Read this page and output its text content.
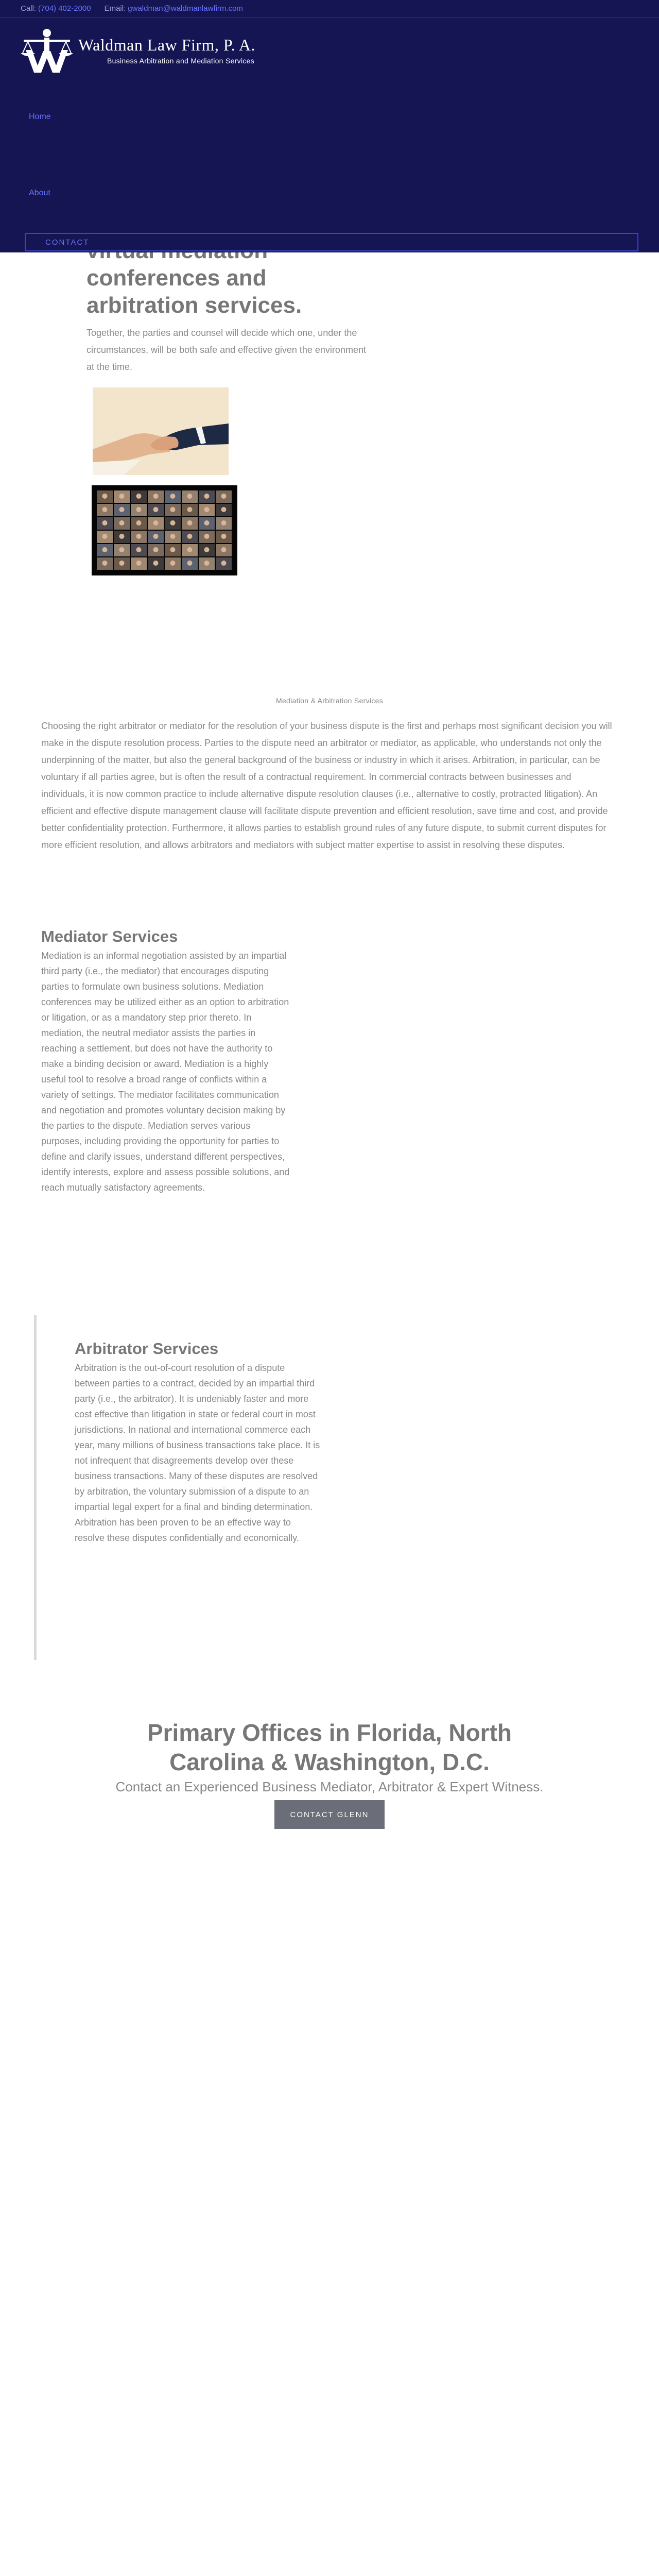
conferences and arbitration services.

Together, the parties and counsel will decide which one, under the circumstances, will be both safe and effective given the environment at the time.

Call: (704) 402-2000 Email: gwaldman@waldmanlawfirm.com
Waldman Law Firm, P. A.
Business Arbitration and Mediation Services
Home
About
CONTACT
Mediation & Arbitration Services

Choosing the right arbitrator or mediator for the resolution of your business dispute is the first and perhaps most significant decision you will make in the dispute resolution process. Parties to the dispute need an arbitrator or mediator, as applicable, who understands not only the underpinning of the matter, but also the general background of the business or industry in which it arises. Arbitration, in particular, can be voluntary if all parties agree, but is often the result of a contractual requirement. In commercial contracts between businesses and individuals, it is now common practice to include alternative dispute resolution clauses (i.e., alternative to costly, protracted litigation). An efficient and effective dispute management clause will facilitate dispute prevention and efficient resolution, save time and cost, and provide better confidentiality protection. Furthermore, it allows parties to establish ground rules of any future dispute, to submit current disputes for more efficient resolution, and allows arbitrators and mediators with subject matter expertise to assist in resolving these disputes.

Mediator Services

Mediation is an informal negotiation assisted by an impartial third party (i.e., the mediator) that encourages disputing parties to formulate own business solutions. Mediation conferences may be utilized either as an option to arbitration or litigation, or as a mandatory step prior thereto. In mediation, the neutral mediator assists the parties in reaching a settlement, but does not have the authority to make a binding decision or award. Mediation is a highly useful tool to resolve a broad range of conflicts within a variety of settings. The mediator facilitates communication and negotiation and promotes voluntary decision making by the parties to the dispute. Mediation serves various purposes, including providing the opportunity for parties to define and clarify issues, understand different perspectives, identify interests, explore and assess possible solutions, and reach mutually satisfactory agreements.

Arbitrator Services

Arbitration is the out-of-court resolution of a dispute between parties to a contract, decided by an impartial third party (i.e., the arbitrator). It is undeniably faster and more cost effective than litigation in state or federal court in most jurisdictions. In national and international commerce each year, many millions of business transactions take place. It is not infrequent that disagreements develop over these business transactions. Many of these disputes are resolved by arbitration, the voluntary submission of a dispute to an impartial legal expert for a final and binding determination. Arbitration has been proven to be an effective way to resolve these disputes confidentially and economically.

Primary Offices in Florida, North Carolina & Washington, D.C.

Contact an Experienced Business Mediator, Arbitrator & Expert Witness.

CONTACT GLENN
